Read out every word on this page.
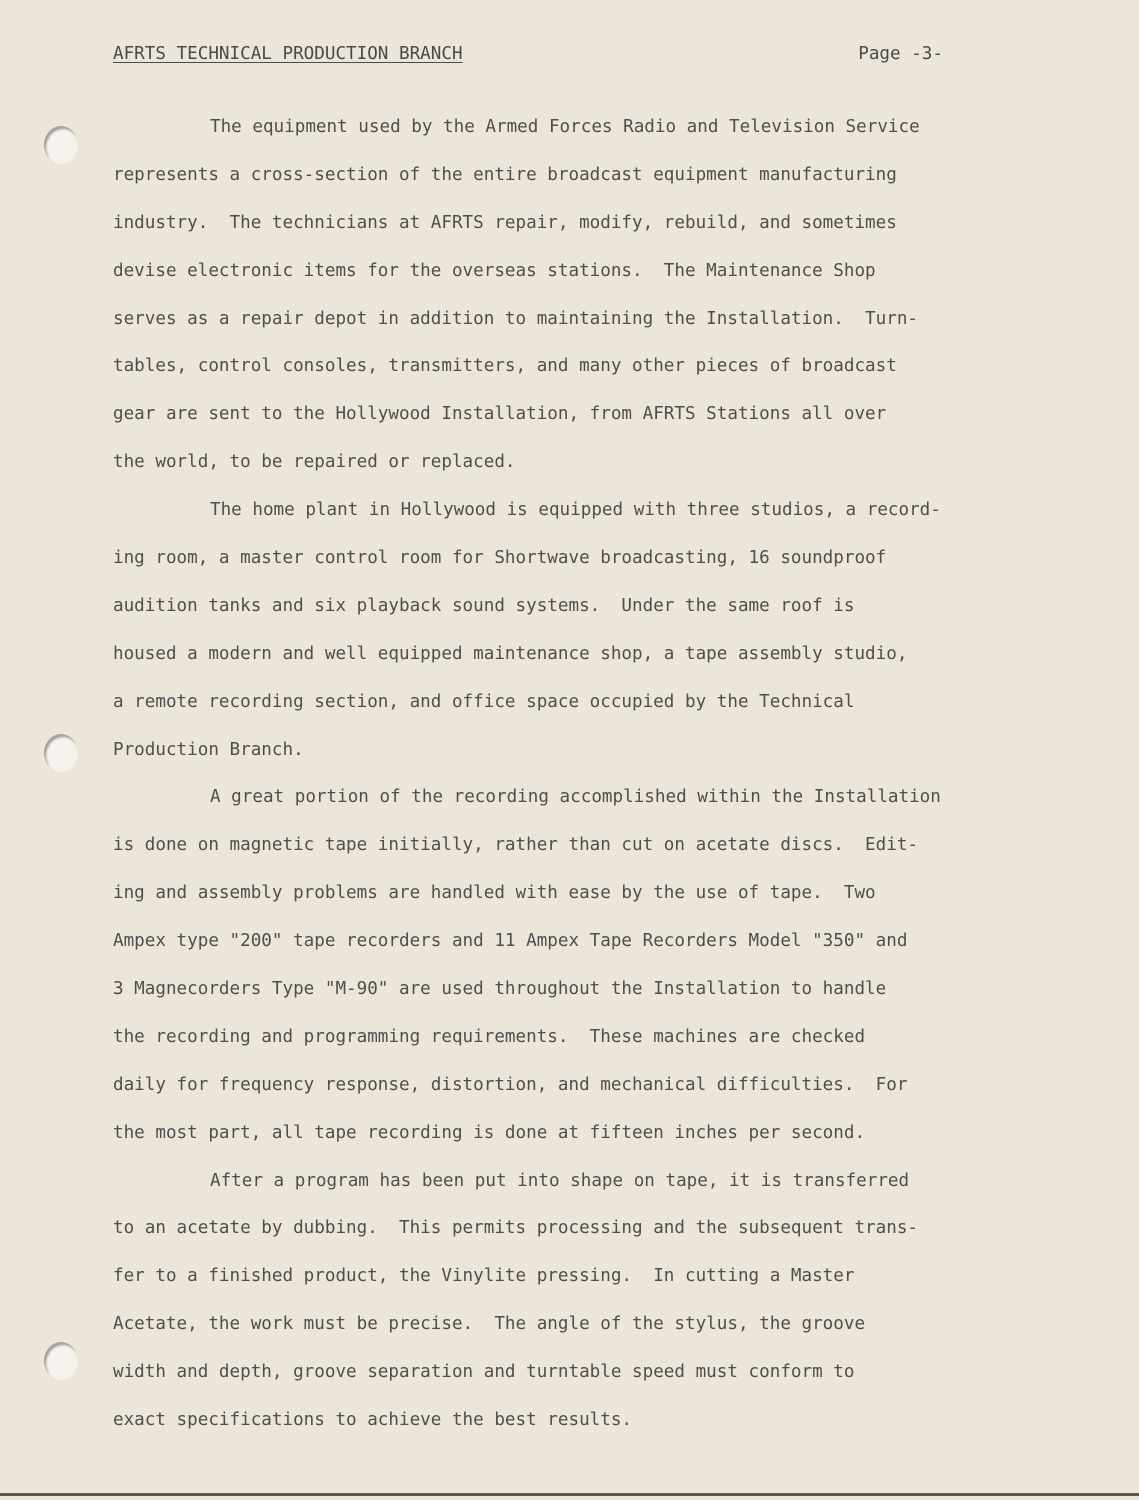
AFRTS TECHNICAL PRODUCTION BRANCH	Page -3-
The equipment used by the Armed Forces Radio and Television Service
represents a cross-section of the entire broadcast equipment manufacturing
industry.  The technicians at AFRTS repair, modify, rebuild, and sometimes
devise electronic items for the overseas stations.  The Maintenance Shop
serves as a repair depot in addition to maintaining the Installation.  Turn-
tables, control consoles, transmitters, and many other pieces of broadcast
gear are sent to the Hollywood Installation, from AFRTS Stations all over
the world, to be repaired or replaced.
The home plant in Hollywood is equipped with three studios, a record-
ing room, a master control room for Shortwave broadcasting, 16 soundproof
audition tanks and six playback sound systems.  Under the same roof is
housed a modern and well equipped maintenance shop, a tape assembly studio,
a remote recording section, and office space occupied by the Technical
Production Branch.
A great portion of the recording accomplished within the Installation
is done on magnetic tape initially, rather than cut on acetate discs.  Edit-
ing and assembly problems are handled with ease by the use of tape.  Two
Ampex type "200" tape recorders and 11 Ampex Tape Recorders Model "350" and
3 Magnecorders Type "M-90" are used throughout the Installation to handle
the recording and programming requirements.  These machines are checked
daily for frequency response, distortion, and mechanical difficulties.  For
the most part, all tape recording is done at fifteen inches per second.
After a program has been put into shape on tape, it is transferred
to an acetate by dubbing.  This permits processing and the subsequent trans-
fer to a finished product, the Vinylite pressing.  In cutting a Master
Acetate, the work must be precise.  The angle of the stylus, the groove
width and depth, groove separation and turntable speed must conform to
exact specifications to achieve the best results.
